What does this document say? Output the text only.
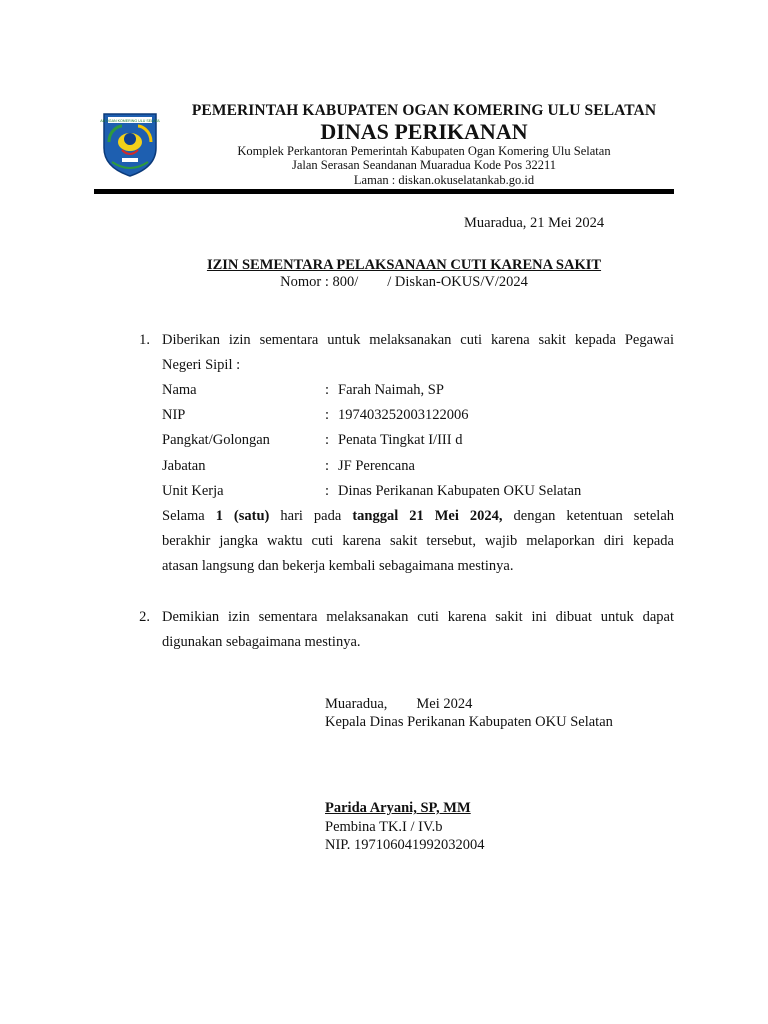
KAB OGAN KOMERING ULU SELATAN
PEMERINTAH KABUPATEN OGAN KOMERING ULU SELATAN
DINAS PERIKANAN
Komplek Perkantoran Pemerintah Kabupaten Ogan Komering Ulu Selatan
Jalan Serasan Seandanan Muaradua Kode Pos 32211
Laman : diskan.okuselatankab.go.id
Muaradua, 21 Mei 2024
IZIN SEMENTARA PELAKSANAAN CUTI KARENA SAKIT
Nomor : 800/        / Diskan-OKUS/V/2024
1. Diberikan izin sementara untuk melaksanakan cuti karena sakit kepada Pegawai
Negeri Sipil :
Nama	: Farah Naimah, SP
NIP	: 197403252003122006
Pangkat/Golongan	: Penata Tingkat I/III d
Jabatan	: JF Perencana
Unit Kerja	: Dinas Perikanan Kabupaten OKU Selatan
Selama 1 (satu) hari pada tanggal 21 Mei 2024, dengan ketentuan setelah
berakhir jangka waktu cuti karena sakit tersebut, wajib melaporkan diri kepada
atasan langsung dan bekerja kembali sebagaimana mestinya.
2. Demikian izin sementara melaksanakan cuti karena sakit ini dibuat untuk dapat
digunakan sebagaimana mestinya.
Muaradua,        Mei 2024
Kepala Dinas Perikanan Kabupaten OKU Selatan
Parida Aryani, SP, MM
Pembina TK.I / IV.b
NIP. 197106041992032004
